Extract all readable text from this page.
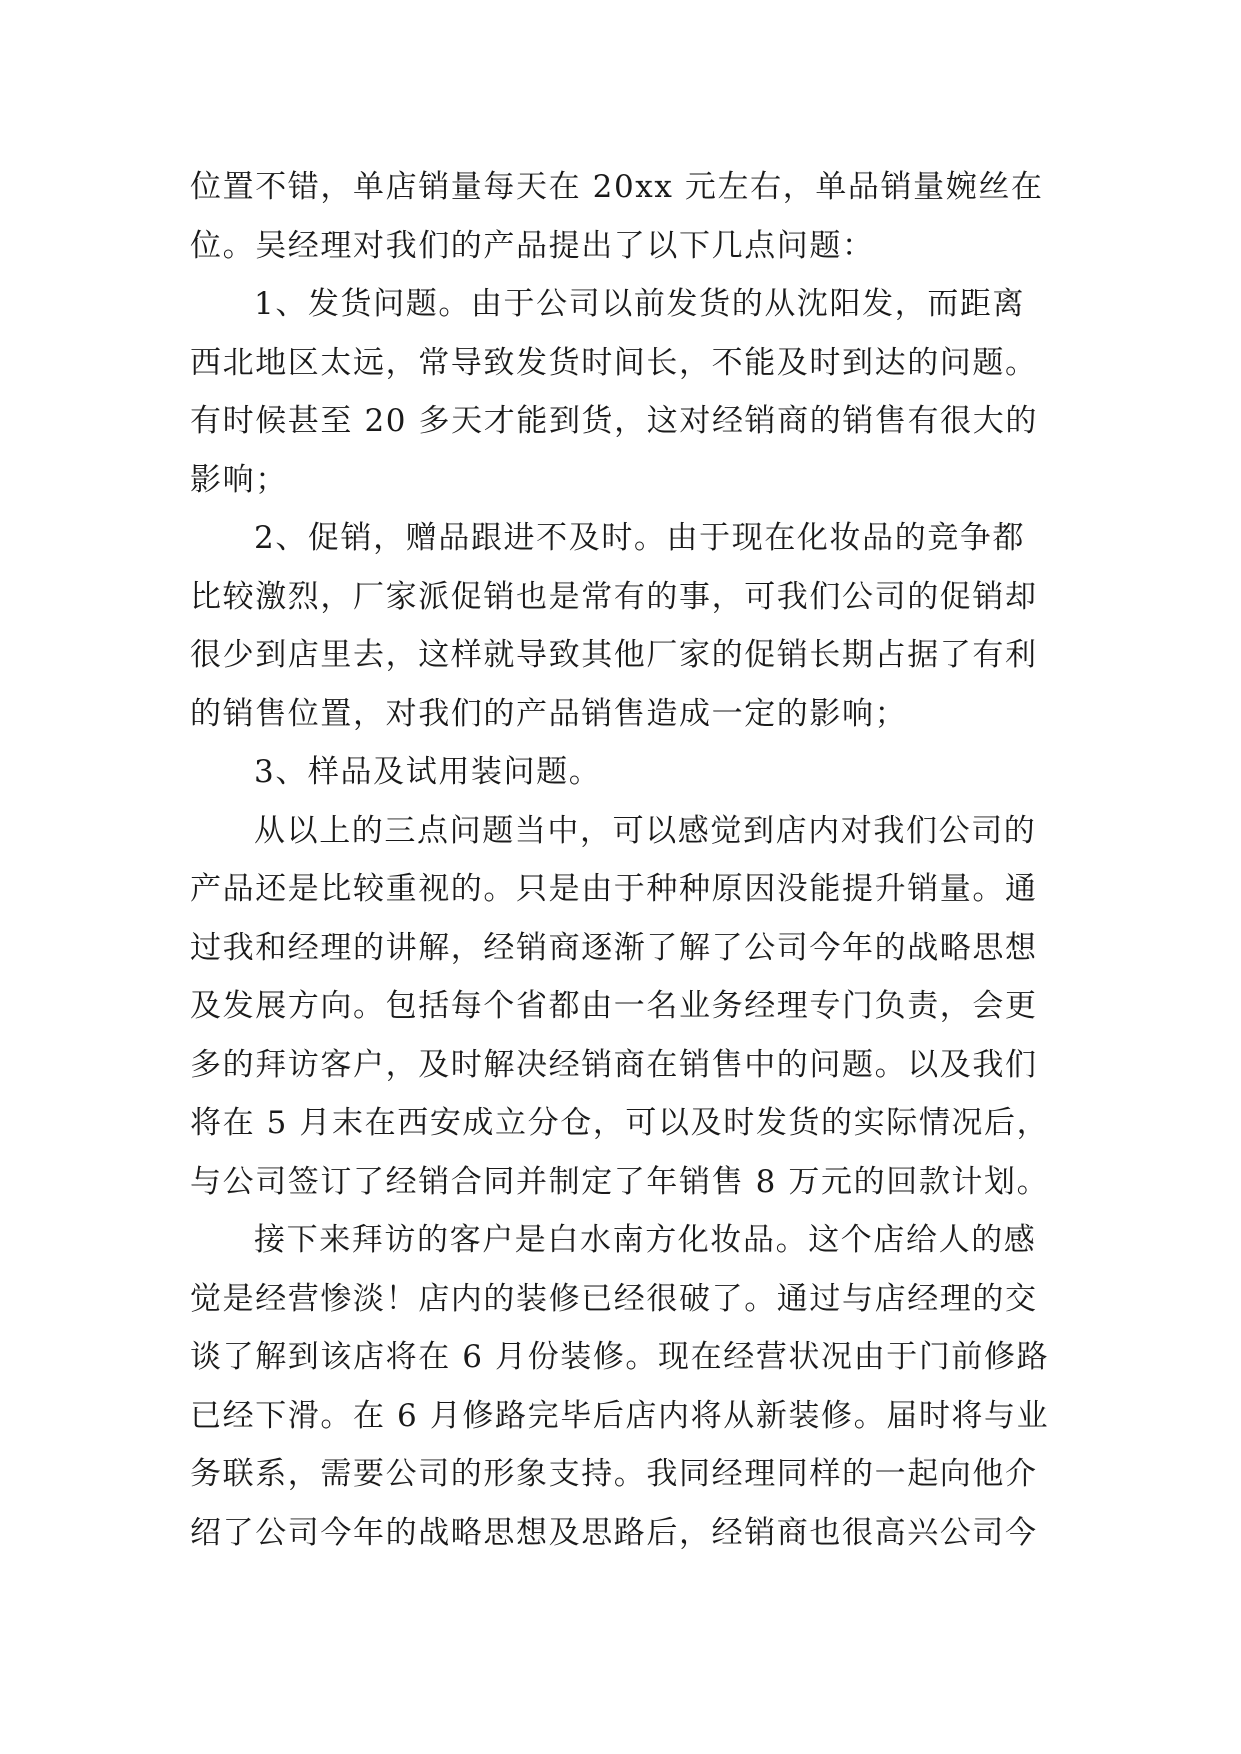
位置不错，单店销量每天在 20xx 元左右，单品销量婉丝在
位。吴经理对我们的产品提出了以下几点问题：
1、发货问题。由于公司以前发货的从沈阳发，而距离
西北地区太远，常导致发货时间长，不能及时到达的问题。
有时候甚至 20 多天才能到货，这对经销商的销售有很大的
影响；
2、促销，赠品跟进不及时。由于现在化妆品的竞争都
比较激烈，厂家派促销也是常有的事，可我们公司的促销却
很少到店里去，这样就导致其他厂家的促销长期占据了有利
的销售位置，对我们的产品销售造成一定的影响；
3、样品及试用装问题。
从以上的三点问题当中，可以感觉到店内对我们公司的
产品还是比较重视的。只是由于种种原因没能提升销量。通
过我和经理的讲解，经销商逐渐了解了公司今年的战略思想
及发展方向。包括每个省都由一名业务经理专门负责，会更
多的拜访客户，及时解决经销商在销售中的问题。以及我们
将在 5 月末在西安成立分仓，可以及时发货的实际情况后，
与公司签订了经销合同并制定了年销售 8 万元的回款计划。
接下来拜访的客户是白水南方化妆品。这个店给人的感
觉是经营惨淡！店内的装修已经很破了。通过与店经理的交
谈了解到该店将在 6 月份装修。现在经营状况由于门前修路
已经下滑。在 6 月修路完毕后店内将从新装修。届时将与业
务联系，需要公司的形象支持。我同经理同样的一起向他介
绍了公司今年的战略思想及思路后，经销商也很高兴公司今
